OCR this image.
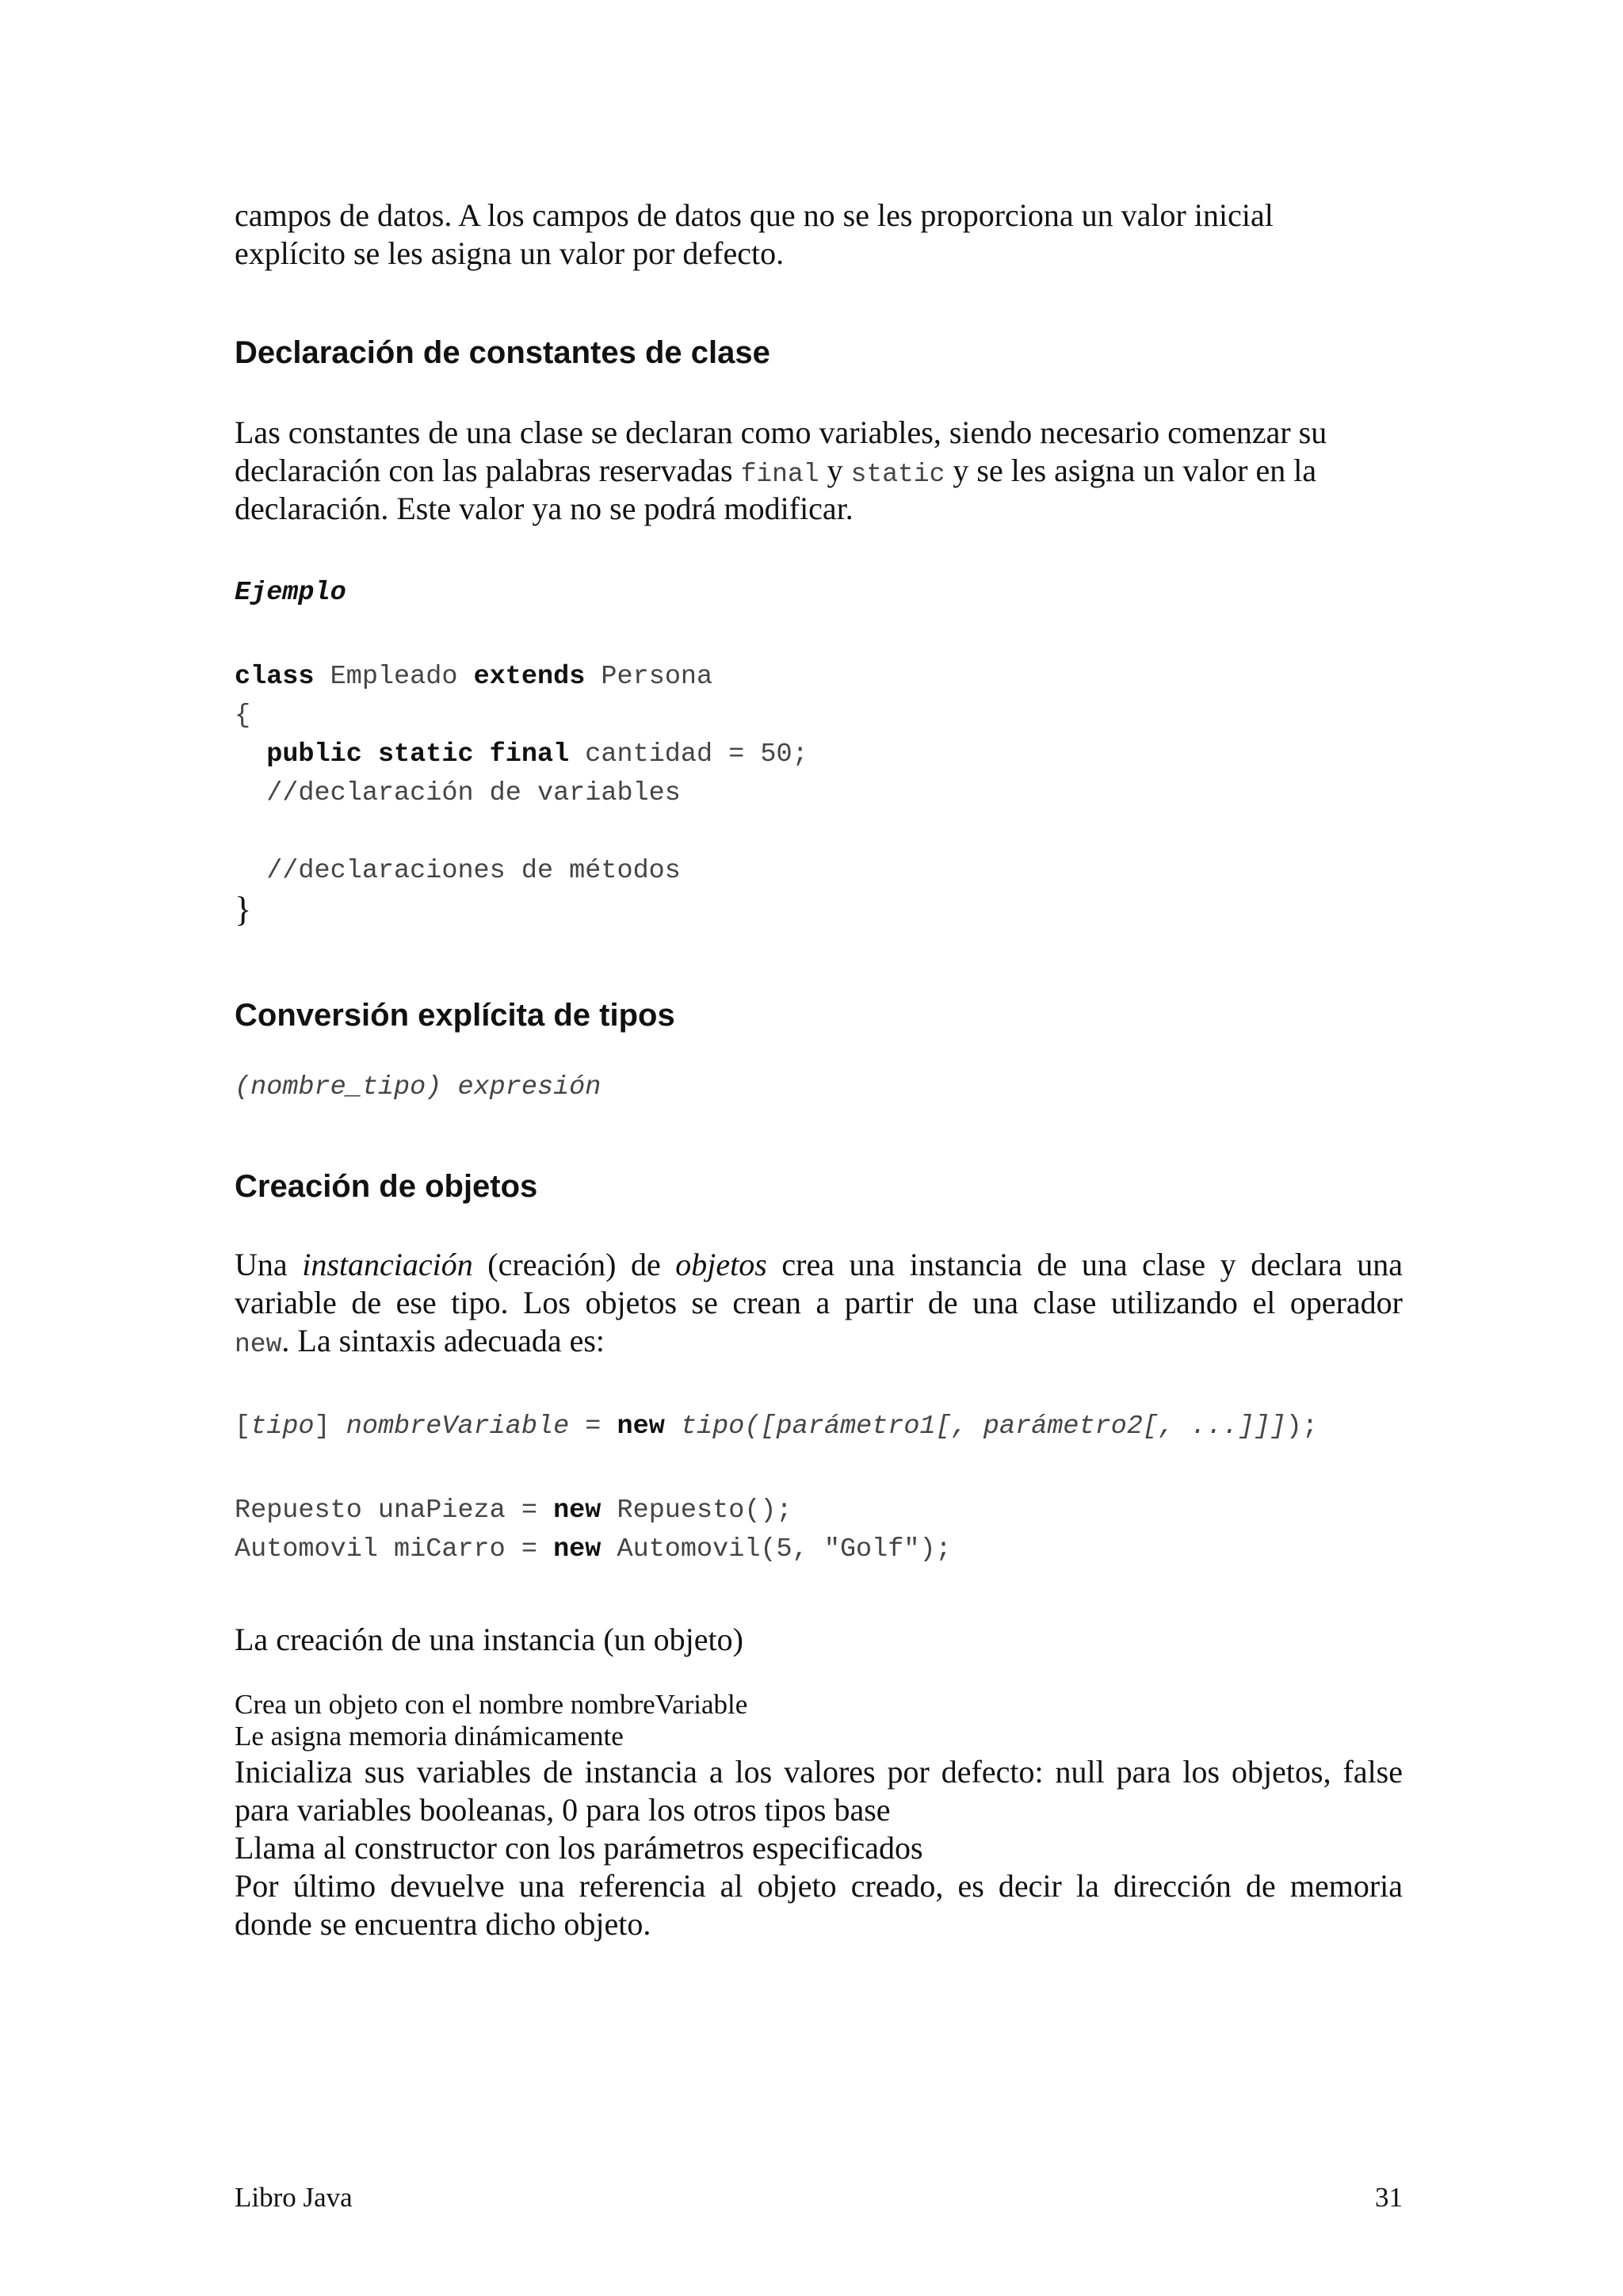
campos de datos. A los campos de datos que no se les proporciona un valor inicial

explícito se les asigna un valor por defecto.

Declaración de constantes de clase

Las constantes de una clase se declaran como variables, siendo necesario comenzar su

declaración con las palabras reservadas final y static y se les asigna un valor en la

declaración. Este valor ya no se podrá modificar.

Ejemplo

class Empleado extends Persona

{

public static final cantidad = 50;

//declaración de variables

//declaraciones de métodos

}

Conversión explícita de tipos

(nombre_tipo) expresión

Creación de objetos

Una instanciación (creación) de objetos crea una instancia de una clase y declara una

variable de ese tipo. Los objetos se crean a partir de una clase utilizando el operador

new. La sintaxis adecuada es:

[tipo] nombreVariable = new tipo([parámetro1[, parámetro2[, ...]]]);

Repuesto unaPieza = new Repuesto();

Automovil miCarro = new Automovil(5, "Golf");

La creación de una instancia (un objeto)

Crea un objeto con el nombre nombreVariable

Le asigna memoria dinámicamente

Inicializa sus variables de instancia a los valores por defecto: null para los objetos, false

para variables booleanas, 0 para los otros tipos base

Llama al constructor con los parámetros especificados

Por último devuelve una referencia al objeto creado, es decir la dirección de memoria

donde se encuentra dicho objeto.

Libro Java	31
